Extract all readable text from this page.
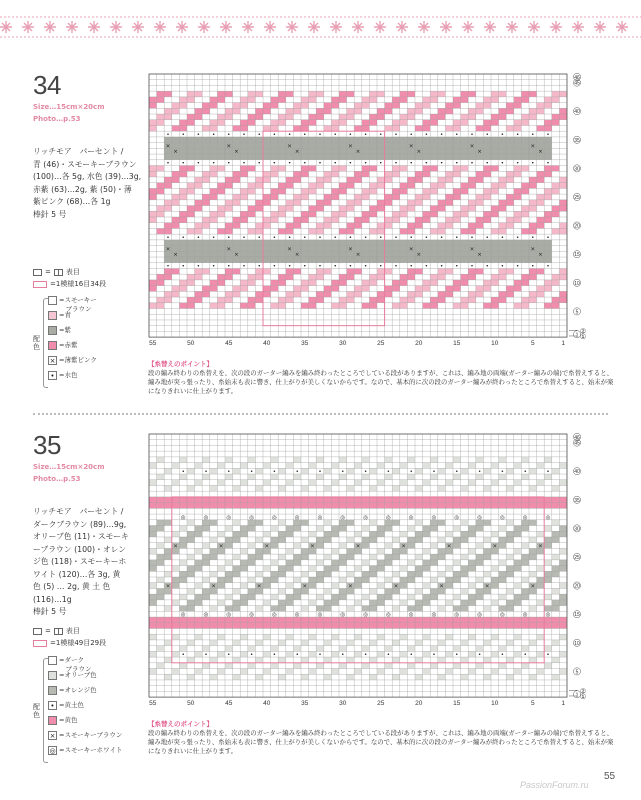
34
Size…15cm×20cm
Photo…p.53
リッチモア　パーセント /
青 (46)・スモーキーブラウン
(100)…各 5g, 水色 (39)…3g,
赤紫 (63)…2g, 紫 (50)・薄
紫ピンク (68)…各 1g
棒針 5 号
= 表目
=1模様16目34段
配
色
=スモーキー
　ブラウン
=青
=紫
=赤紫
× =薄紫ピンク
• =水色
•
•
•
•
•
•
•
•
•
•
•
•
•
•
•
•
•
•
•
•
•
•
•
•
•
•
•
•
•
•
•
•
•
•
•
•
•
•
•
•
•
•
•
•
•
•
•
•
•
•
•
•
•
•
•
•
•
•
•
•
•
•
•
•
•
•
•
•
•
•
•
•
•
•
•
•
•
•
•
•
•
•
•
•
•
•
•
•
•
•
•
•
•
•
•
•
•
•
•
•
•
•
•
•
×
×
×
×
×
×
×
×
×
×
×
×
×
×
×
×
×
×
×
×
×
×
×
×
×
×
×
×
55	50	45	40	35	30	25	20	15	10	5	1
46
45
40
35
30
25
20
15
10
5
1
②
①
【糸替えのポイント】
段の編み終わりの糸替えを、次の段のガーター編みを編み終わったところでしている段がありますが、これは、編み地の両端(ガーター編みの端)で糸替えすると、編み地が突っ張ったり、糸始末も表に響き、仕上がりが美しくないからです。なので、基本的に次の段のガーター編みが終わったところで糸替えすると、始末が楽になりきれいに仕上がります。
35
Size…15cm×20cm
Photo…p.53
リッチモア　パーセント /
ダークブラウン (89)…9g,
オリーブ色 (11)・スモーキ
ーブラウン (100)・オレン
ジ色 (118)・スモーキーホ
ワイト (120)…各 3g, 黄
色 (5) … 2g, 黄 土 色
(116)…1g
棒針 5 号
= 表目
=1模様49目29段
配
色
=ダーク
　ブラウン
=オリーブ色
=オレンジ色
• =黄土色
=黄色
× =スモーキーブラウン
◎ =スモーキーホワイト
◎
◎
•
•
◎
◎
•
•
◎
◎
•
•
◎
◎
•
•
◎
◎
•
•
◎
◎
•
•
◎
◎
•
•
◎
◎
•
•
◎
◎
•
•
◎
◎
•
•
◎
◎
•
•
◎
◎
•
•
◎
◎
•
•
◎
◎
•
•
◎
◎
•
•
◎
◎
•
•
◎
◎
•
•
×
×
×
×
×
×
×
×
×
×
×
×
×
×
×
×
×
×
55	50	45	40	35	30	25	20	15	10	5	1
46
45
40
35
30
25
20
15
10
5
1
②
①
【糸替えのポイント】
段の編み終わりの糸替えを、次の段のガーター編みを編み終わったところでしている段がありますが、これは、編み地の両端(ガーター編みの端)で糸替えすると、編み地が突っ張ったり、糸始末も表に響き、仕上がりが美しくないからです。なので、基本的に次の段のガーター編みが終わったところで糸替えすると、始末が楽になりきれいに仕上がります。
55
PassionForum.ru
